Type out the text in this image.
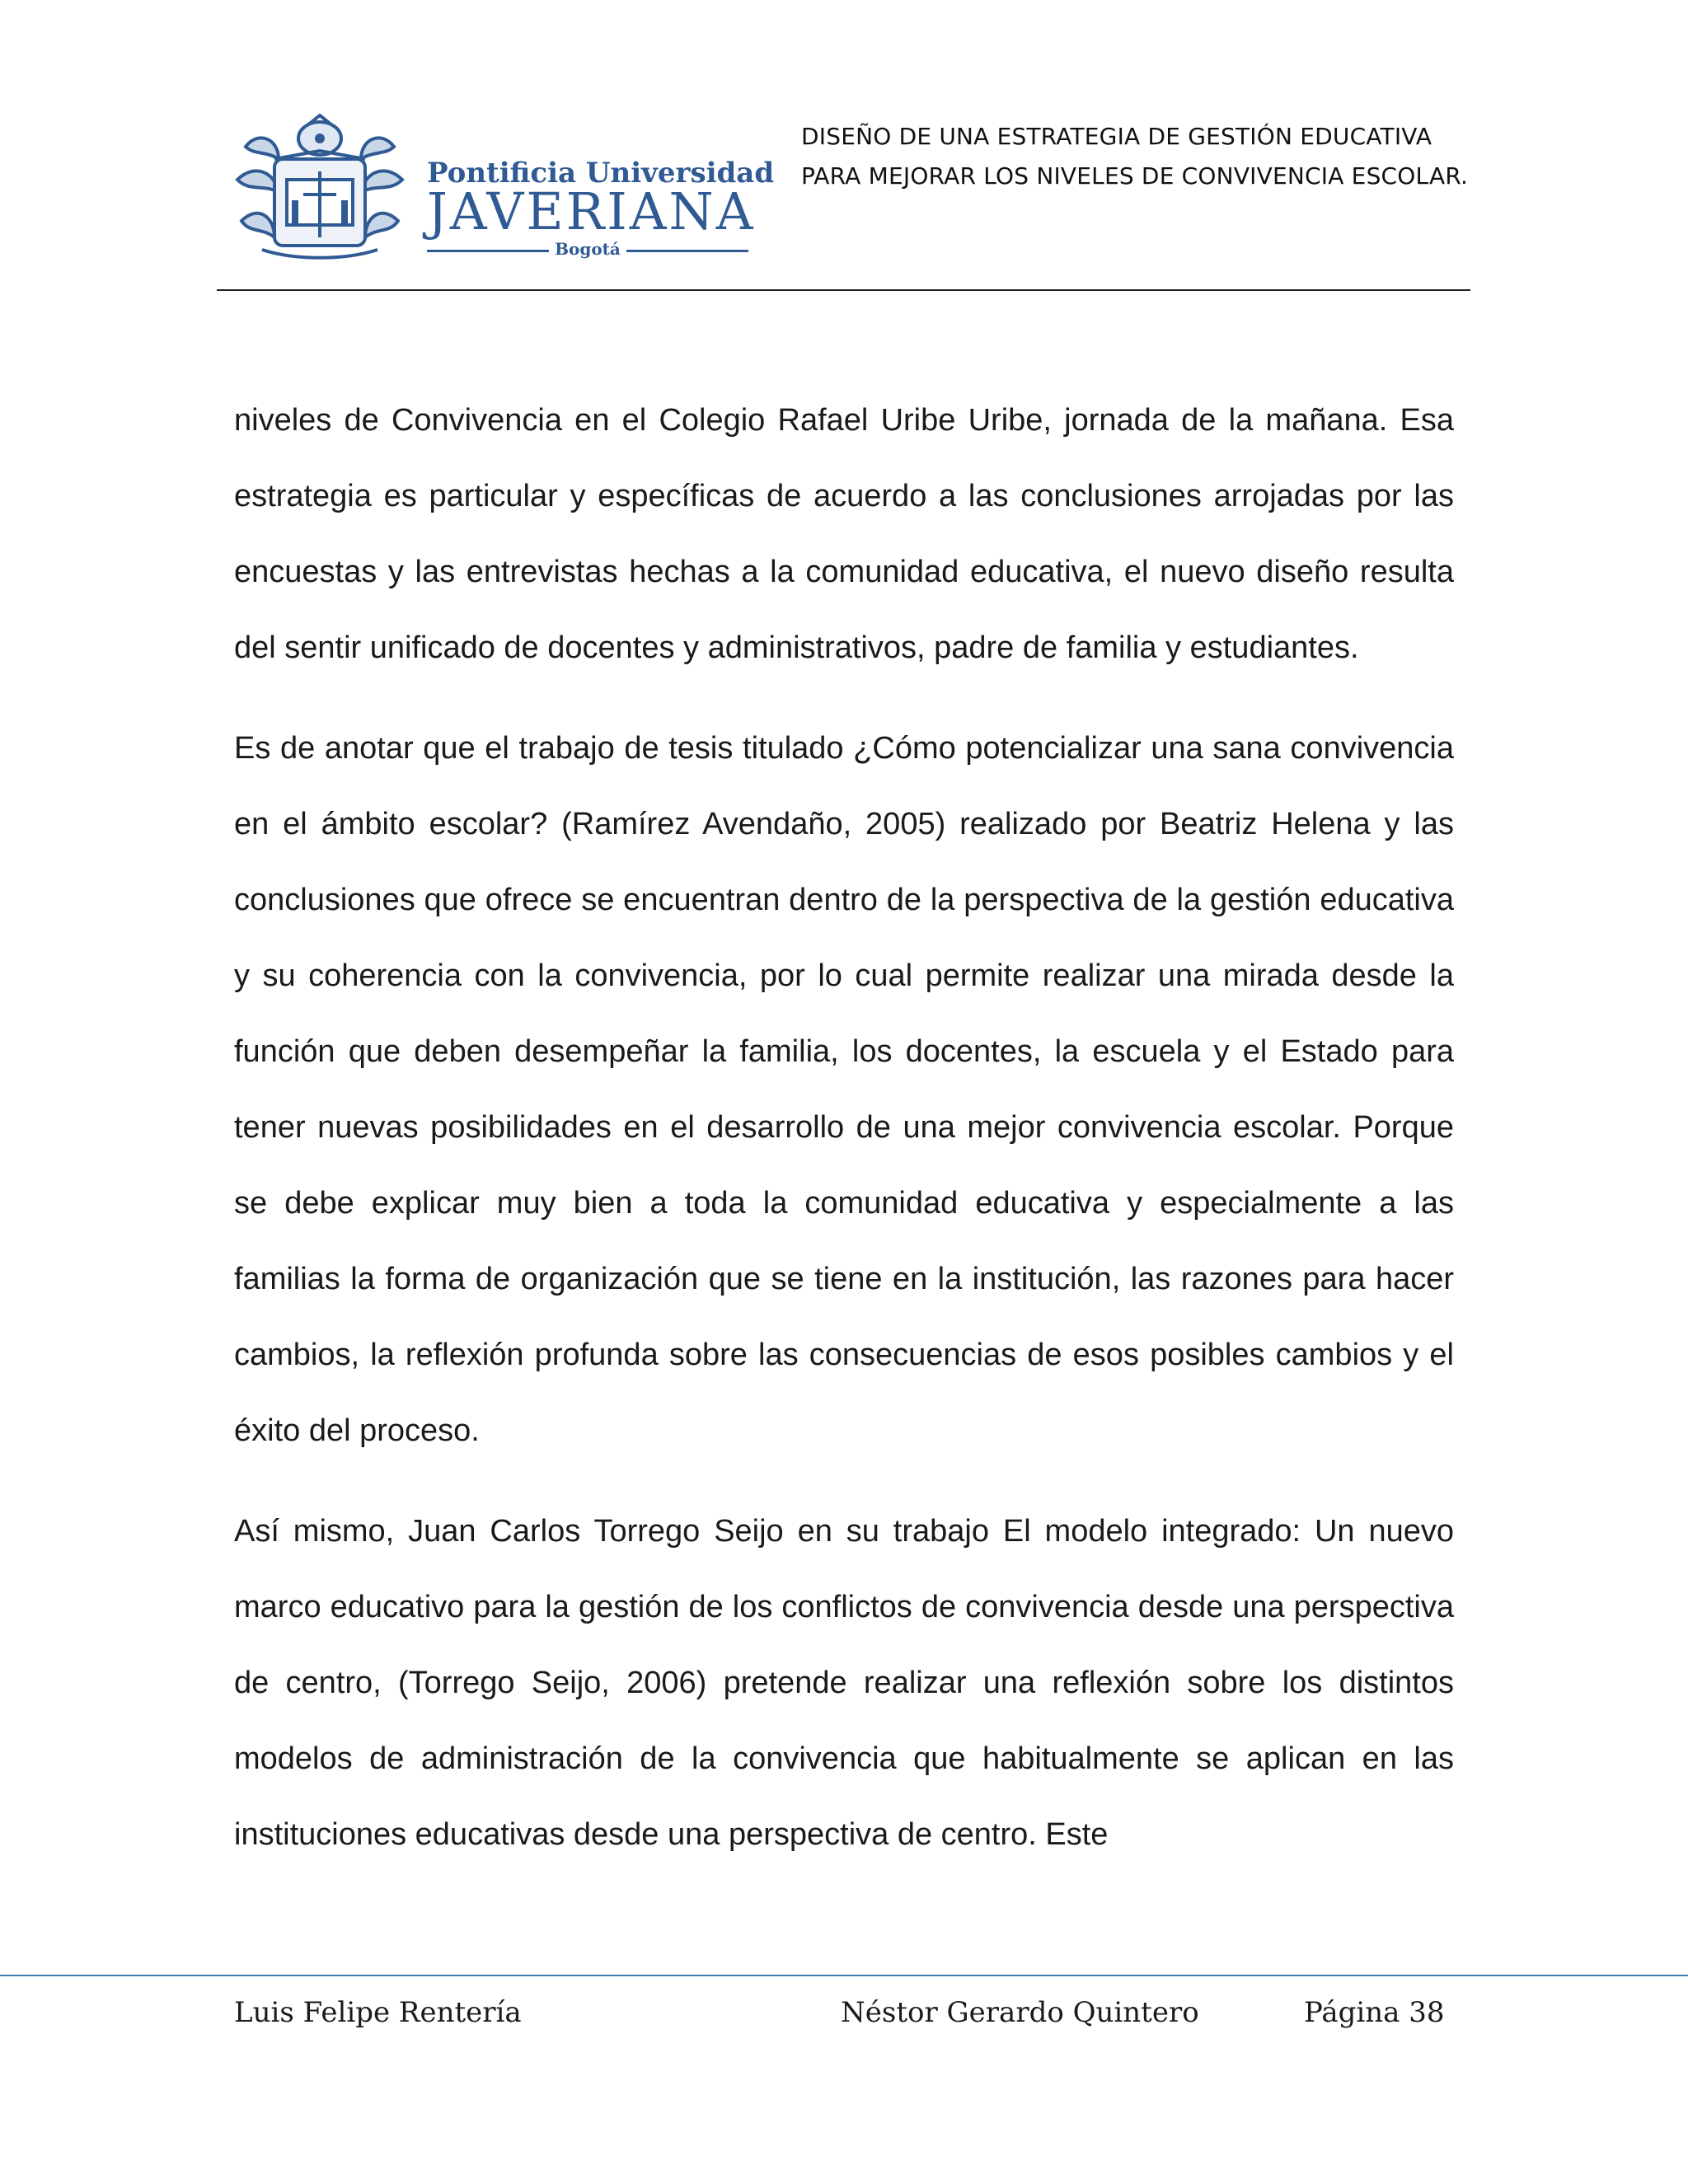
Pontificia Universidad
JAVERIANA
Bogotá
DISEÑO DE UNA ESTRATEGIA DE GESTIÓN EDUCATIVA
PARA MEJORAR LOS NIVELES DE CONVIVENCIA ESCOLAR.

niveles de Convivencia en el Colegio Rafael Uribe Uribe, jornada de la mañana. Esa estrategia es particular y específicas de acuerdo a las conclusiones arrojadas por las encuestas y las entrevistas hechas a la comunidad educativa, el nuevo diseño resulta del sentir unificado de docentes y administrativos, padre de familia y estudiantes.

Es de anotar que el trabajo de tesis titulado ¿Cómo potencializar una sana convivencia en el ámbito escolar? (Ramírez Avendaño, 2005) realizado por Beatriz Helena y las conclusiones que ofrece se encuentran dentro de la perspectiva de la gestión educativa y su coherencia con la convivencia, por lo cual permite realizar una mirada desde la función que deben desempeñar la familia, los docentes, la escuela y el Estado para tener nuevas posibilidades en el desarrollo de una mejor convivencia escolar. Porque se debe explicar muy bien a toda la comunidad educativa y especialmente a las familias la forma de organización que se tiene en la institución, las razones para hacer cambios, la reflexión profunda sobre las consecuencias de esos posibles cambios y el éxito del proceso.

Así mismo, Juan Carlos Torrego Seijo en su trabajo El modelo integrado: Un nuevo marco educativo para la gestión de los conflictos de convivencia desde una perspectiva de centro, (Torrego Seijo, 2006) pretende realizar una reflexión sobre los distintos modelos de administración de la convivencia que habitualmente se aplican en las instituciones educativas desde una perspectiva de centro. Este

Luis Felipe Rentería	Néstor Gerardo Quintero	Página 38
